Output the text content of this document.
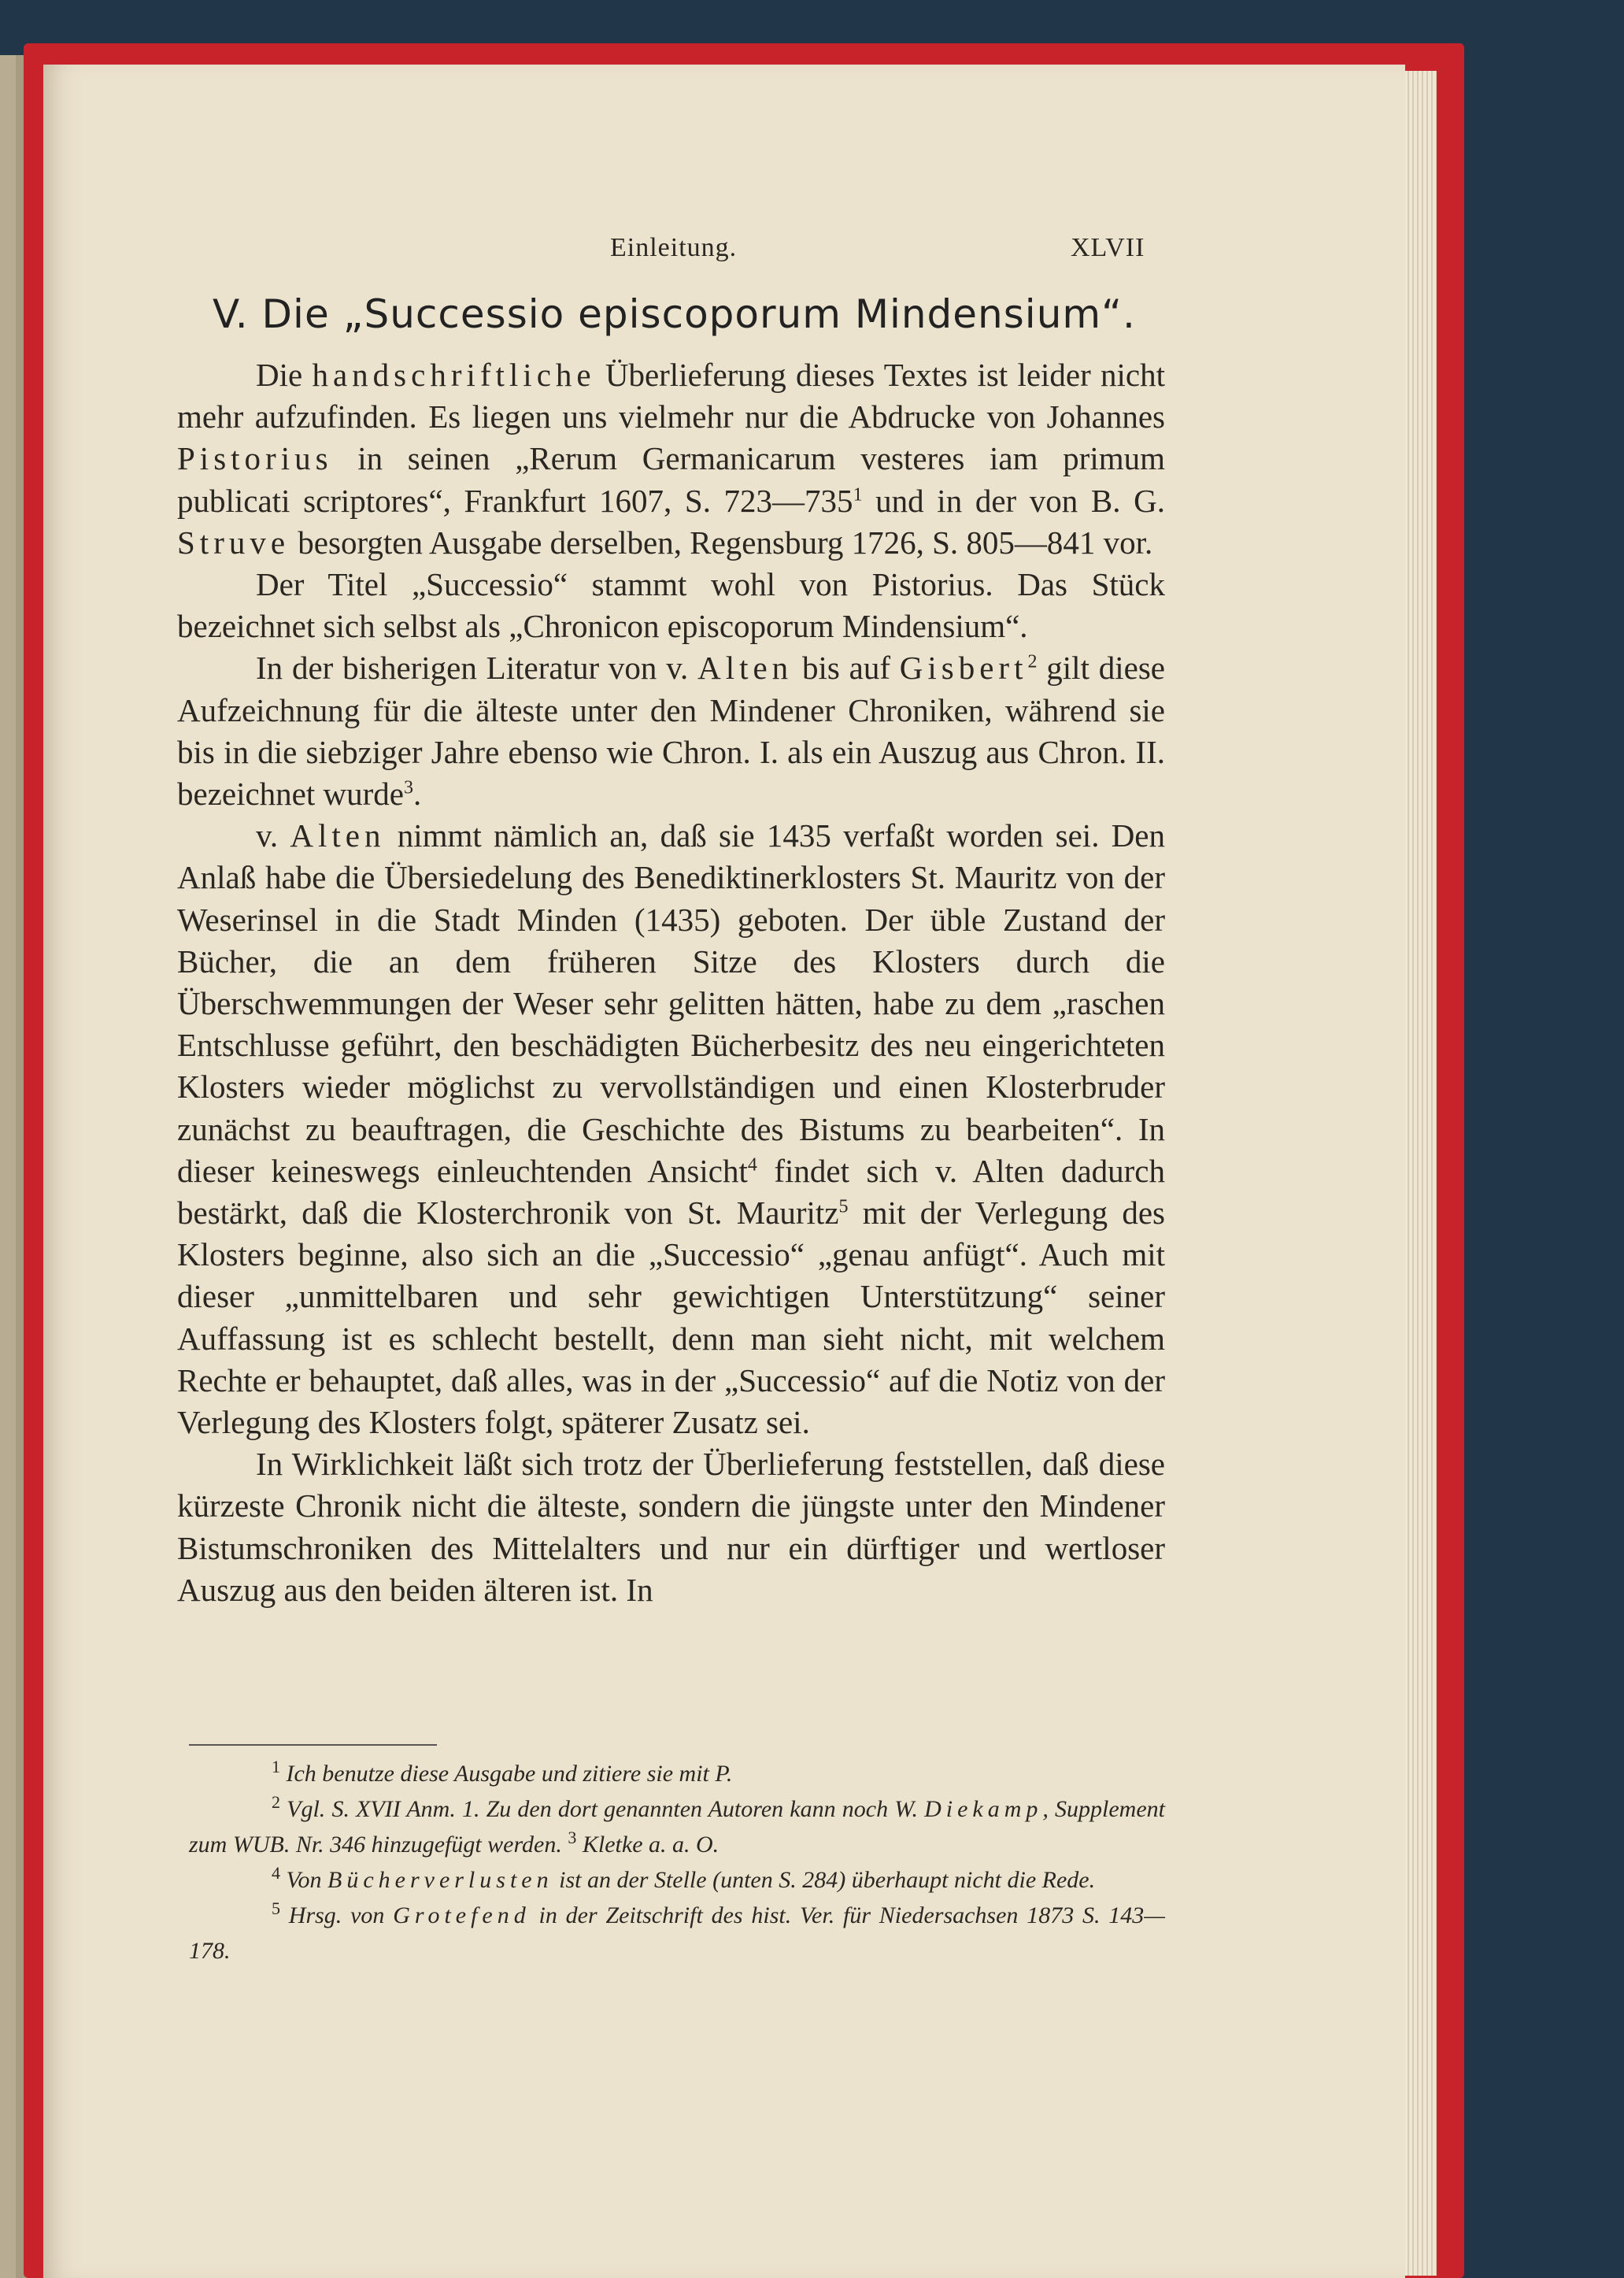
Einleitung.	XLVII
V. Die „Successio episcoporum Mindensium“.

Die handschriftliche Überlieferung dieses Textes ist leider nicht mehr aufzufinden. Es liegen uns vielmehr nur die Abdrucke von Johannes Pistorius in seinen „Rerum Germanicarum vesteres iam primum publicati scriptores“, Frankfurt 1607, S. $723—735^1$ und in der von B. G. Struve besorgten Ausgabe derselben, Regensburg 1726, S. 805—841 vor.

Der Titel „Successio“ stammt wohl von Pistorius. Das Stück bezeichnet sich selbst als „Chronicon episcoporum Mindensium“.

In der bisherigen Literatur von v. Alten bis auf Gisbert$^2$ gilt diese Aufzeichnung für die älteste unter den Mindener Chroniken, während sie bis in die siebziger Jahre ebenso wie Chron. I. als ein Auszug aus Chron. II. bezeichnet wurde$^3$.

v. Alten nimmt nämlich an, daß sie 1435 verfaßt worden sei. Den Anlaß habe die Übersiedelung des Benediktinerklosters St. Mauritz von der Weserinsel in die Stadt Minden (1435) geboten. Der üble Zustand der Bücher, die an dem früheren Sitze des Klosters durch die Überschwemmungen der Weser sehr gelitten hätten, habe zu dem „raschen Entschlusse geführt, den beschädigten Bücherbesitz des neu eingerichteten Klosters wieder möglichst zu vervollständigen und einen Klosterbruder zunächst zu beauftragen, die Geschichte des Bistums zu bearbeiten“. In dieser keineswegs einleuchtenden Ansicht$^4$ findet sich v. Alten dadurch bestärkt, daß die Klosterchronik von St. Mauritz$^5$ mit der Verlegung des Klosters beginne, also sich an die „Successio“ „genau anfügt“. Auch mit dieser „unmittelbaren und sehr gewichtigen Unterstützung“ seiner Auffassung ist es schlecht bestellt, denn man sieht nicht, mit welchem Rechte er behauptet, daß alles, was in der „Successio“ auf die Notiz von der Verlegung des Klosters folgt, späterer Zusatz sei.

In Wirklichkeit läßt sich trotz der Überlieferung feststellen, daß diese kürzeste Chronik nicht die älteste, sondern die jüngste unter den Mindener Bistumschroniken des Mittelalters und nur ein dürftiger und wertloser Auszug aus den beiden älteren ist. In

$^1$ Ich benutze diese Ausgabe und zitiere sie mit P.

$^2$ Vgl. S. XVII Anm. 1. Zu den dort genannten Autoren kann noch W. Diekamp, Supplement zum WUB. Nr. 346 hinzugefügt werden. $^3$ Kletke a. a. O.

$^4$ Von Bücherverlusten ist an der Stelle (unten S. 284) überhaupt nicht die Rede.

$^5$ Hrsg. von Grotefend in der Zeitschrift des hist. Ver. für Niedersachsen 1873 S. 143—178.
